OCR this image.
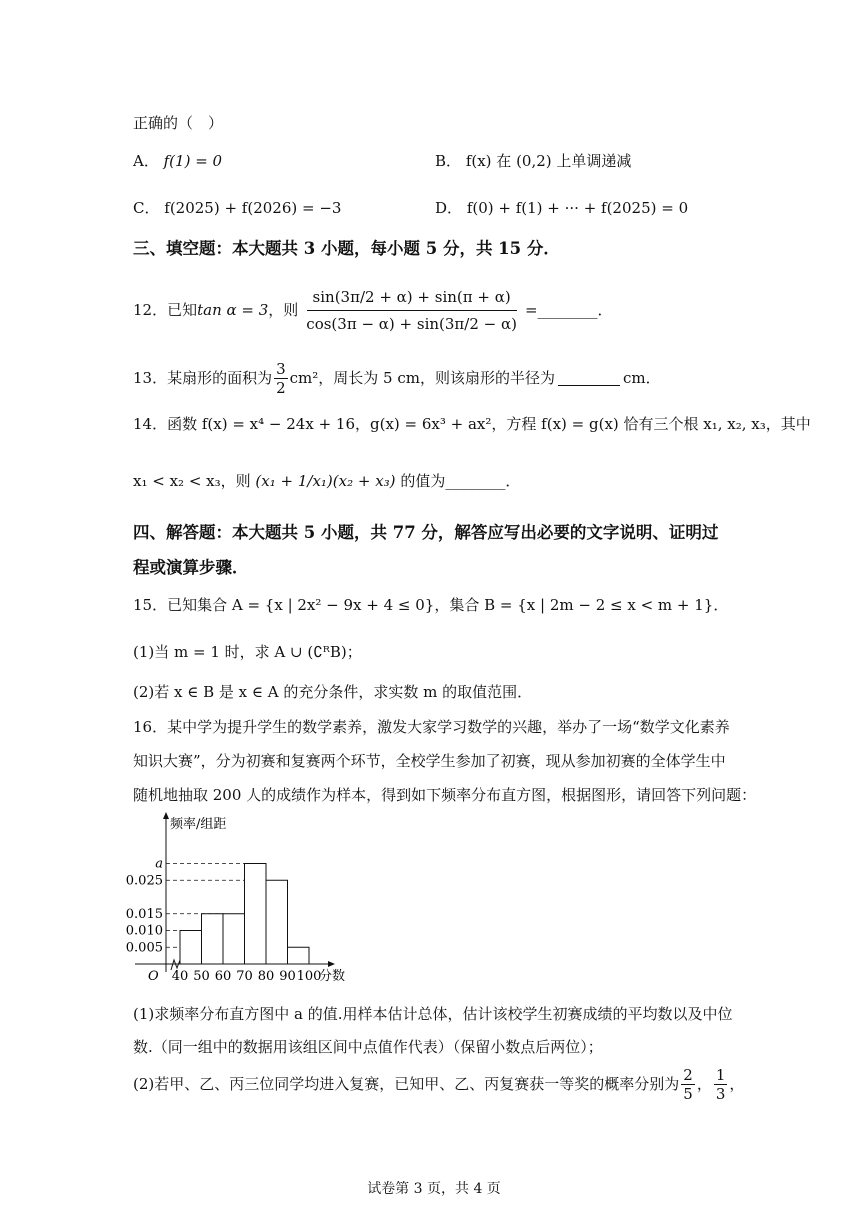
正确的（　）
A． f(1) = 0	B． f(x) 在 (0,2) 上单调递减
C． f(2025) + f(2026) = −3	D． f(0) + f(1) + ··· + f(2025) = 0
三、填空题：本大题共 3 小题，每小题 5 分，共 15 分．
12．已知 tan α = 3 ，则 $\frac{\sin(3\pi/2 + \alpha) + \sin(\pi + \alpha)}{\cos(3\pi - \alpha) + \sin(3\pi/2 - \alpha)}$ =________．
13．某扇形的面积为 $\frac{3}{2} cm^2$，周长为 5 cm，则该扇形的半径为	cm．
14．函数 f(x) = x⁴ − 24x + 16，g(x) = 6x³ + ax²，方程 f(x) = g(x) 恰有三个根 x₁, x₂, x₃，其中
x₁ < x₂ < x₃，则 (x₁ + 1/x₁)(x₂ + x₃) 的值为________．
四、解答题：本大题共 5 小题，共 77 分，解答应写出必要的文字说明、证明过
程或演算步骤．
15．已知集合 A = {x | 2x² − 9x + 4 ≤ 0}，集合 B = {x | 2m − 2 ≤ x < m + 1}．
(1)当 m = 1 时，求 A ∪ (∁ᴿB)；
(2)若 x ∈ B 是 x ∈ A 的充分条件，求实数 m 的取值范围．
16．某中学为提升学生的数学素养，激发大家学习数学的兴趣，举办了一场“数学文化素养
知识大赛”，分为初赛和复赛两个环节，全校学生参加了初赛，现从参加初赛的全体学生中
随机地抽取 200 人的成绩作为样本，得到如下频率分布直方图，根据图形，请回答下列问题：
频率/组距
O
0.005
0.010
0.015
0.025
a
40 50 60 70 80 90 100
分数
(1)求频率分布直方图中 a 的值.用样本估计总体，估计该校学生初赛成绩的平均数以及中位
数.（同一组中的数据用该组区间中点值作代表）（保留小数点后两位）；
(2)若甲、乙、丙三位同学均进入复赛，已知甲、乙、丙复赛获一等奖的概率分别为 $\frac{2}{5}$ ， $\frac{1}{3}$ ，
试卷第 3 页，共 4 页
